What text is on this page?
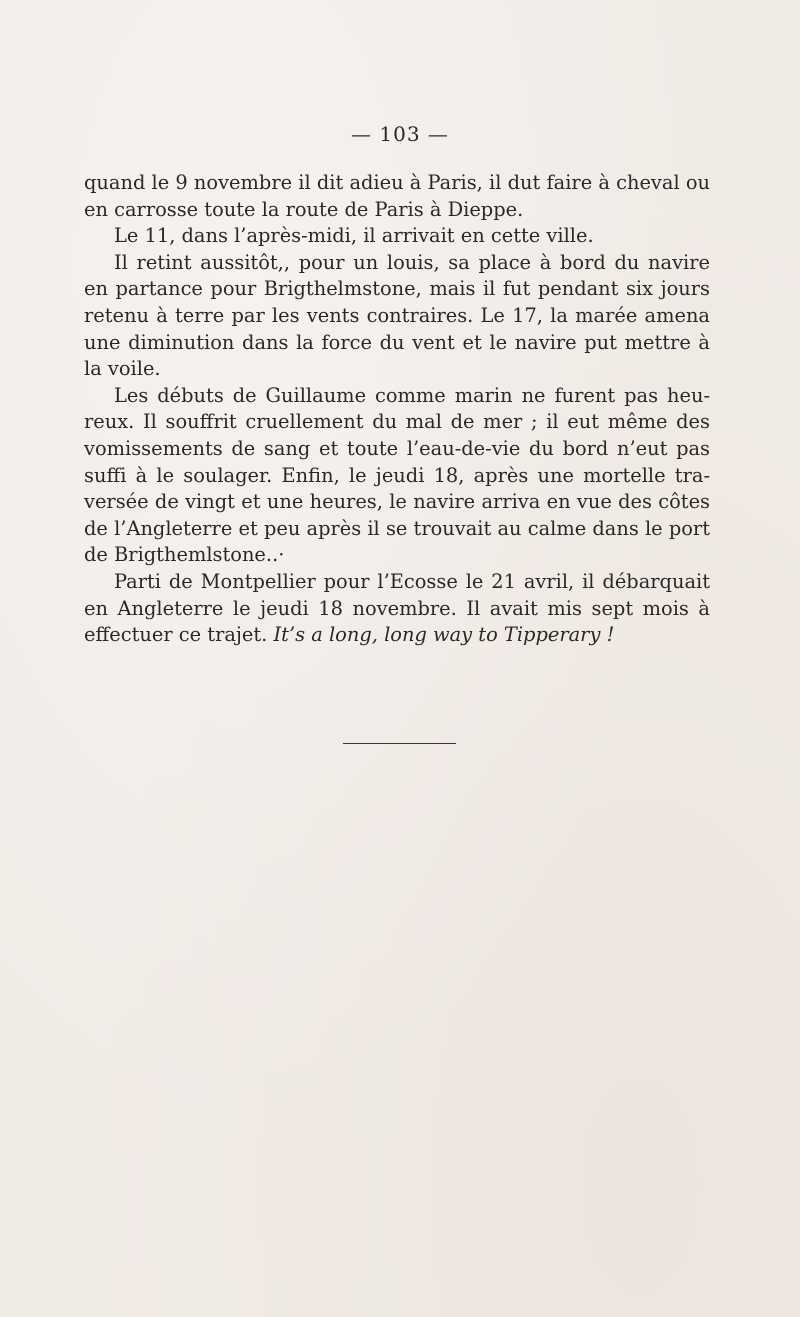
— 103 —

quand le 9 novembre il dit adieu à Paris, il dut faire à cheval ou en carrosse toute la route de Paris à Dieppe.

Le 11, dans l’après-midi, il arrivait en cette ville.

Il retint aussitôt,, pour un louis, sa place à bord du navire en partance pour Brigthelmstone, mais il fut pendant six jours retenu à terre par les vents contraires. Le 17, la marée amena une diminution dans la force du vent et le navire put mettre à la voile.

Les débuts de Guillaume comme marin ne furent pas heureux. Il souffrit cruellement du mal de mer ; il eut même des vomissements de sang et toute l’eau-de-vie du bord n’eut pas suffi à le soulager. Enfin, le jeudi 18, après une mortelle traversée de vingt et une heures, le navire arriva en vue des côtes de l’Angleterre et peu après il se trouvait au calme dans le port de Brigthemlstone..·

Parti de Montpellier pour l’Ecosse le 21 avril, il débarquait en Angleterre le jeudi 18 novembre. Il avait mis sept mois à effectuer ce trajet. It’s a long, long way to Tipperary !
